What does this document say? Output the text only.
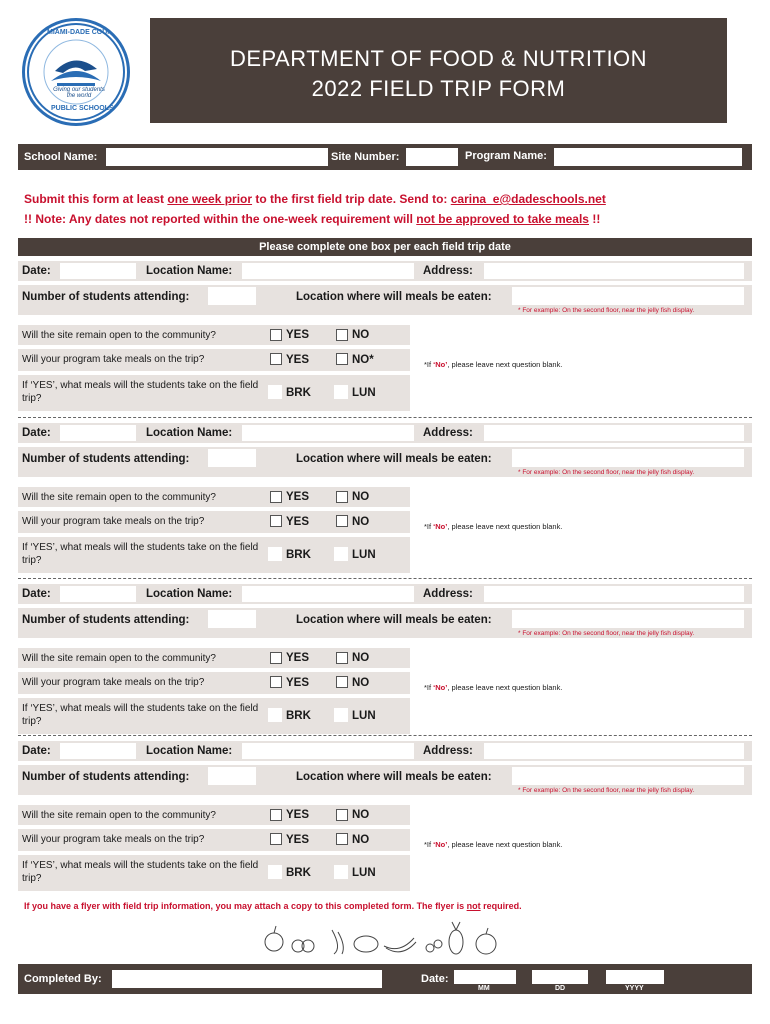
MIAMI-DADE COUNTY
Giving our students the world
PUBLIC SCHOOLS
DEPARTMENT OF FOOD & NUTRITION
2022 FIELD TRIP FORM
School Name:	Site Number:	Program Name:
Submit this form at least one week prior to the first field trip date. Send to: carina_e@dadeschools.net
!! Note: Any dates not reported within the one-week requirement will not be approved to take meals !!
Please complete one box per each field trip date
Date:	Location Name:	Address:
Number of students attending:	Location where will meals be eaten:
* For example: On the second floor, near the jelly fish display.
Will the site remain open to the community?	YES	NO
Will your program take meals on the trip?	YES	NO*	*If ‘No’, please leave next question blank.
If ‘YES’, what meals will the students take on the field trip?	BRK	LUN
Date:	Location Name:	Address:
Number of students attending:	Location where will meals be eaten:
* For example: On the second floor, near the jelly fish display.
Will the site remain open to the community?	YES	NO
Will your program take meals on the trip?	YES	NO	*If ‘No’, please leave next question blank.
If ‘YES’, what meals will the students take on the field trip?	BRK	LUN
Date:	Location Name:	Address:
Number of students attending:	Location where will meals be eaten:
* For example: On the second floor, near the jelly fish display.
Will the site remain open to the community?	YES	NO
Will your program take meals on the trip?	YES	NO	*If ‘No’, please leave next question blank.
If ‘YES’, what meals will the students take on the field trip?	BRK	LUN
Date:	Location Name:	Address:
Number of students attending:	Location where will meals be eaten:
* For example: On the second floor, near the jelly fish display.
Will the site remain open to the community?	YES	NO
Will your program take meals on the trip?	YES	NO	*If ‘No’, please leave next question blank.
If ‘YES’, what meals will the students take on the field trip?	BRK	LUN
If you have a flyer with field trip information, you may attach a copy to this completed form. The flyer is not required.
Completed By:	Date:
MM	DD	YYYY
